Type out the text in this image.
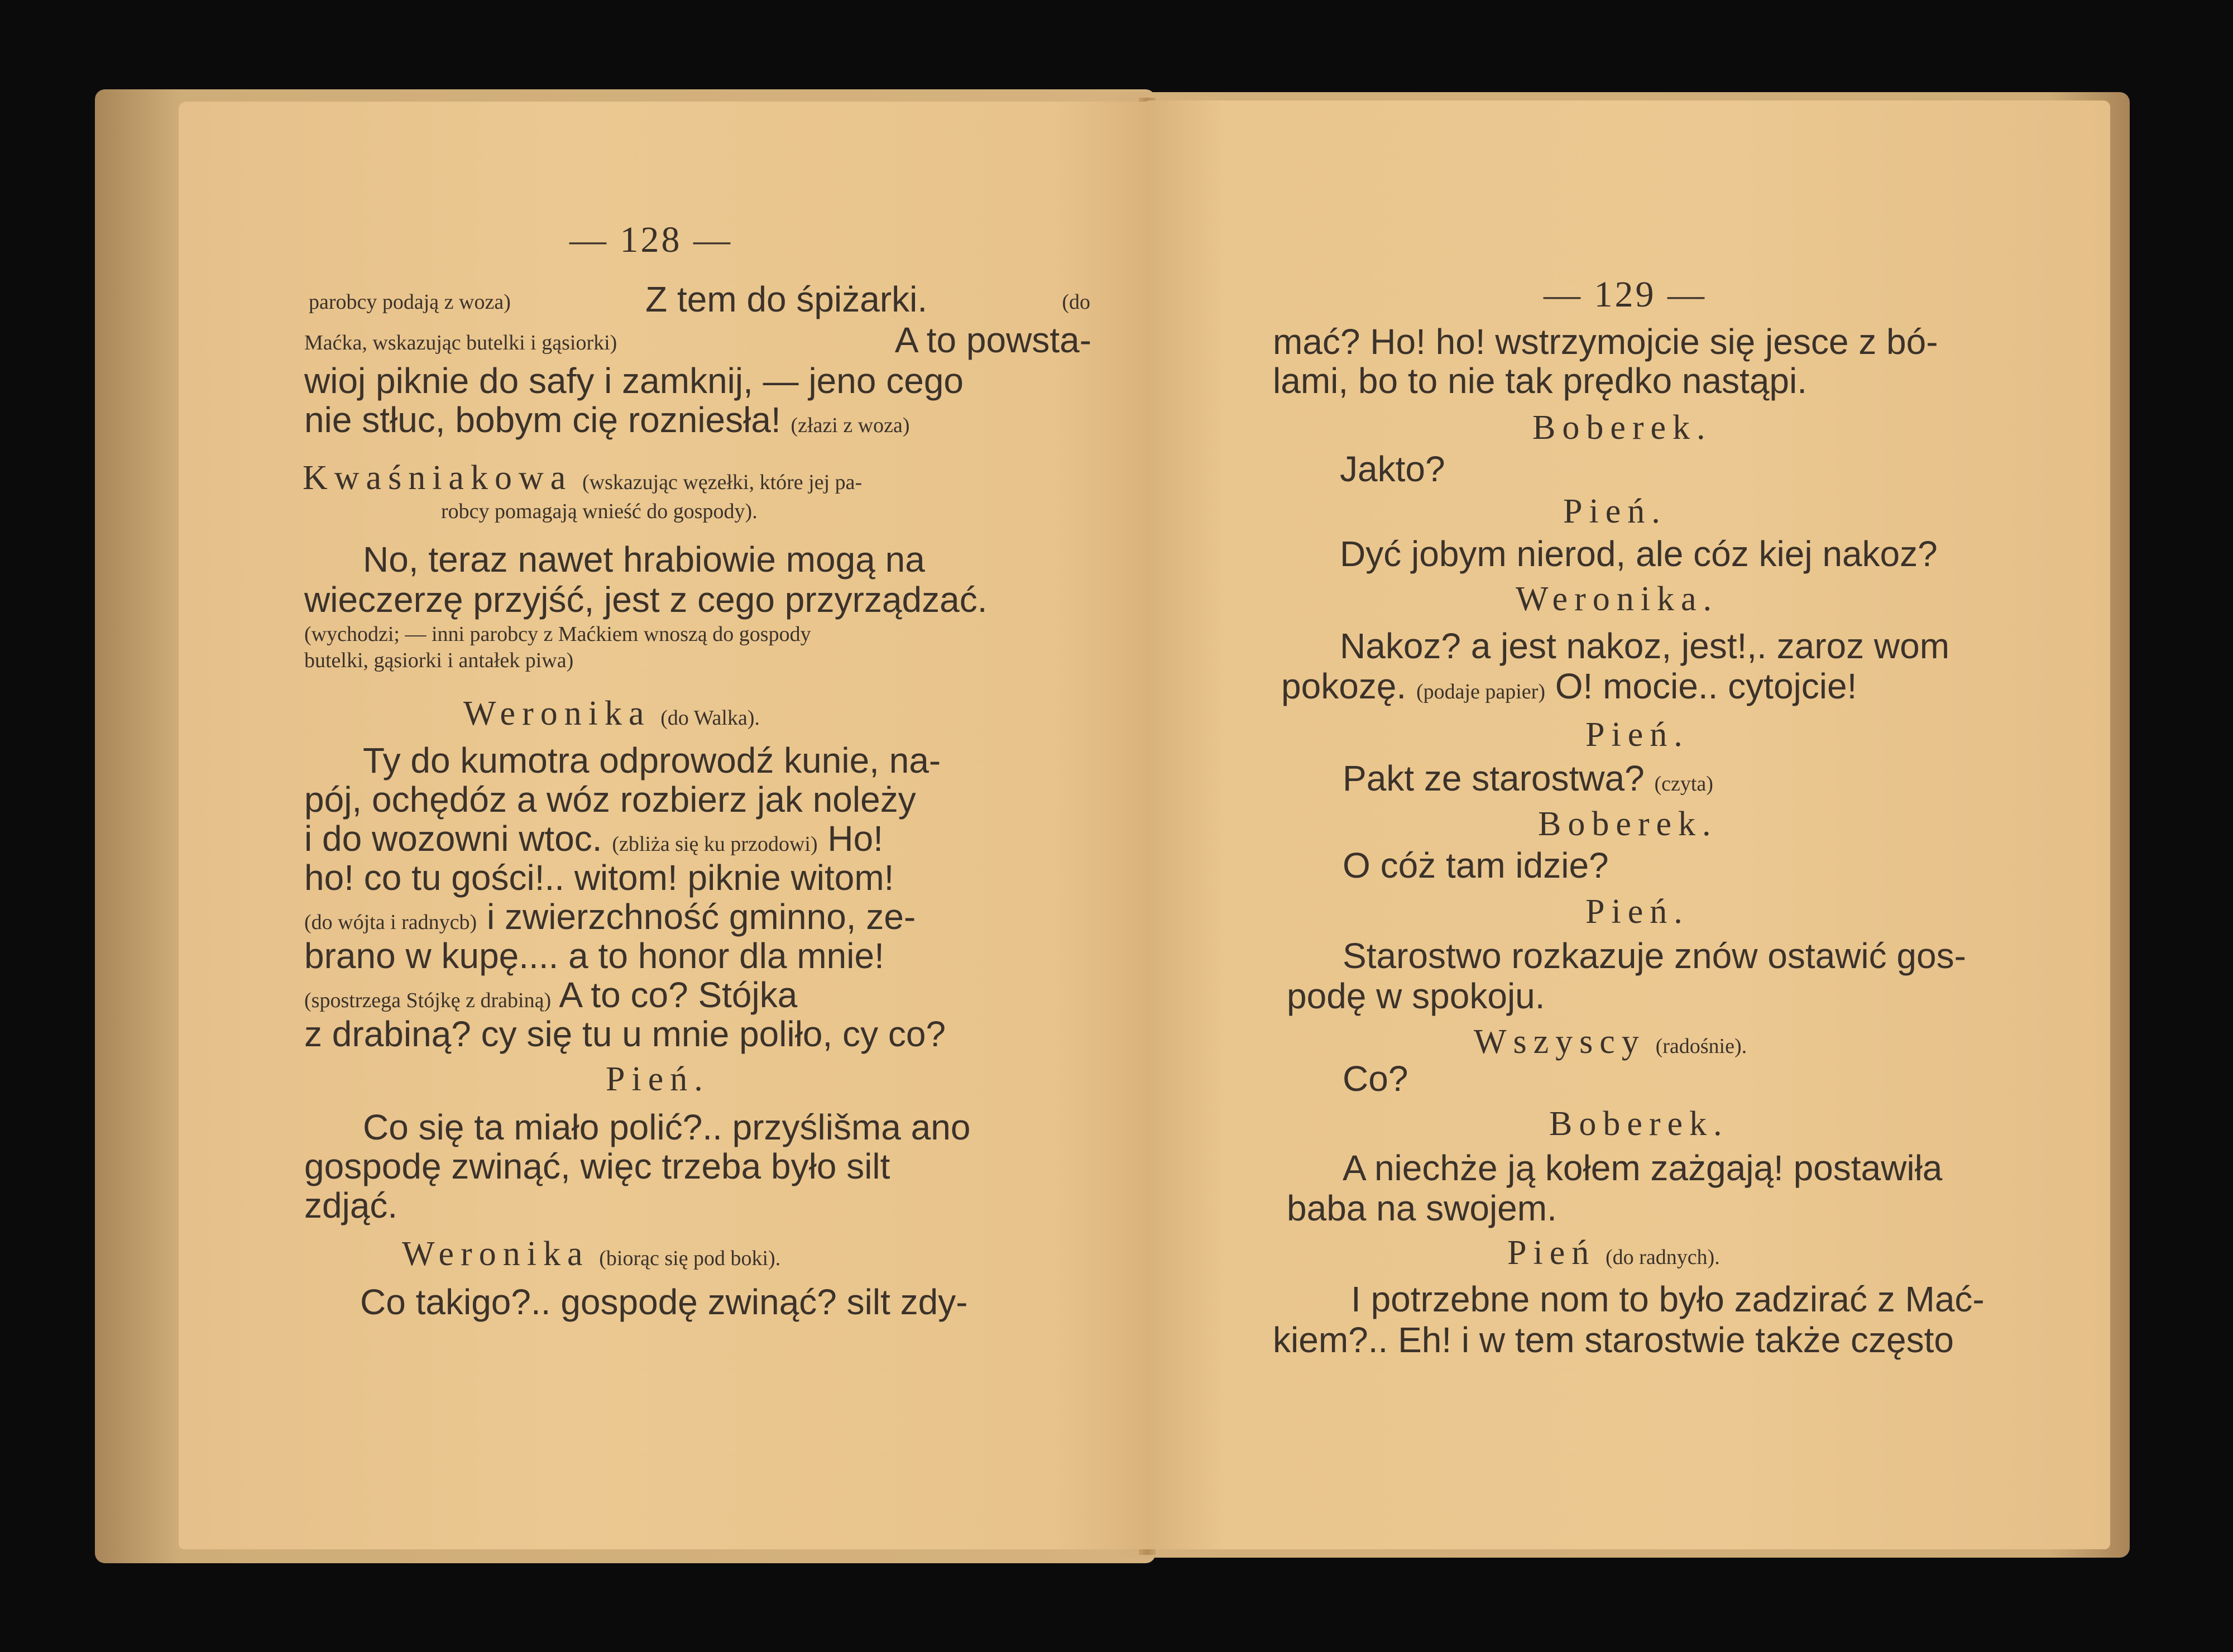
— 128 —
parobcy podają z woza)	Z tem do śpiżarki.	(do
Maćka, wskazując butelki i gąsiorki)	A to powsta-
wioj piknie do safy i zamknij, — jeno cego
nie stłuc, bobym cię rozniesła! (złazi z woza)
Kwaśniakowa (wskazując węzełki, które jej pa-
robcy pomagają wnieść do gospody).
No, teraz nawet hrabiowie mogą na
wieczerzę przyjść, jest z cego przyrządzać.
(wychodzi; — inni parobcy z Maćkiem wnoszą do gospody
butelki, gąsiorki i antałek piwa)
Weronika (do Walka).
Ty do kumotra odprowodź kunie, na-
pój, ochędóz a wóz rozbierz jak noleży
i do wozowni wtoc. (zbliża się ku przodowi) Ho!
ho! co tu gości!.. witom! piknie witom!
(do wójta i radnycb) i zwierzchność gminno, ze-
brano w kupę.... a to honor dla mnie!
(spostrzega Stójkę z drabiną) A to co? Stójka
z drabiną? cy się tu u mnie poliło, cy co?
Pień.
Co się ta miało polić?.. przyślišma ano
gospodę zwinąć, więc trzeba było silt
zdjąć.
Weronika (biorąc się pod boki).
Co takigo?.. gospodę zwinąć? silt zdy-
— 129 —
mać? Ho! ho! wstrzymojcie się jesce z bó-
lami, bo to nie tak prędko nastąpi.
Boberek.
Jakto?
Pień.
Dyć jobym nierod, ale cóz kiej nakoz?
Weronika.
Nakoz? a jest nakoz, jest!,. zaroz wom
pokozę. (podaje papier) O! mocie.. cytojcie!
Pień.
Pakt ze starostwa? (czyta)
Boberek.
O cóż tam idzie?
Pień.
Starostwo rozkazuje znów ostawić gos-
podę w spokoju.
Wszyscy (radośnie).
Co?
Boberek.
A niechże ją kołem zażgają! postawiła
baba na swojem.
Pień (do radnych).
I potrzebne nom to było zadzirać z Mać-
kiem?.. Eh! i w tem starostwie także często
